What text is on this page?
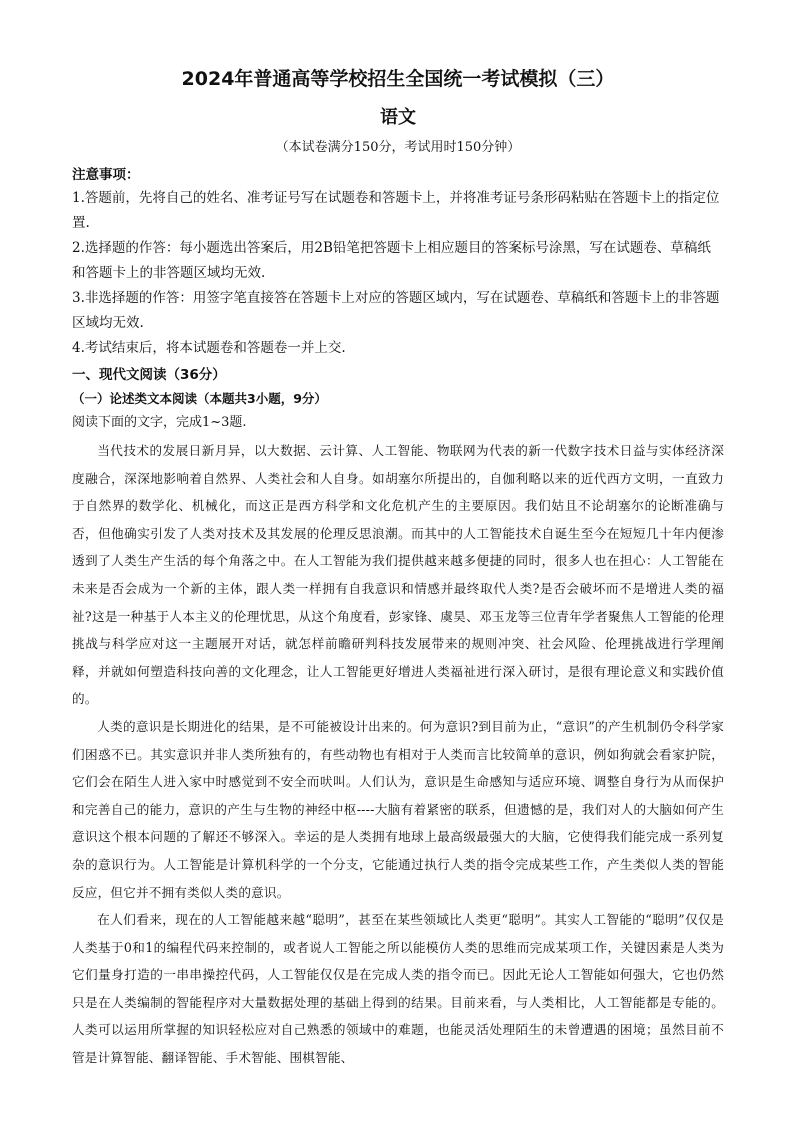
2024年普通高等学校招生全国统一考试模拟（三）
语文
（本试卷满分150分，考试用时150分钟）
注意事项：

1.答题前，先将自己的姓名、准考证号写在试题卷和答题卡上，并将准考证号条形码粘贴在答题卡上的指定位置.

2.选择题的作答：每小题选出答案后，用2B铅笔把答题卡上相应题目的答案标号涂黑，写在试题卷、草稿纸和答题卡上的非答题区域均无效.

3.非选择题的作答：用签字笔直接答在答题卡上对应的答题区域内，写在试题卷、草稿纸和答题卡上的非答题区域均无效.

4.考试结束后，将本试题卷和答题卷一并上交.

一、现代文阅读（36分）
（一）论述类文本阅读（本题共3小题，9分）
阅读下面的文字，完成1~3题.

当代技术的发展日新月异，以大数据、云计算、人工智能、物联网为代表的新一代数字技术日益与实体经济深度融合，深深地影响着自然界、人类社会和人自身。如胡塞尔所提出的，自伽利略以来的近代西方文明，一直致力于自然界的数学化、机械化，而这正是西方科学和文化危机产生的主要原因。我们姑且不论胡塞尔的论断准确与否，但他确实引发了人类对技术及其发展的伦理反思浪潮。而其中的人工智能技术自诞生至今在短短几十年内便渗透到了人类生产生活的每个角落之中。在人工智能为我们提供越来越多便捷的同时，很多人也在担心：人工智能在未来是否会成为一个新的主体，跟人类一样拥有自我意识和情感并最终取代人类?是否会破坏而不是增进人类的福祉?这是一种基于人本主义的伦理忧思，从这个角度看，彭家锋、虞昊、邓玉龙等三位青年学者聚焦人工智能的伦理挑战与科学应对这一主题展开对话，就怎样前瞻研判科技发展带来的规则冲突、社会风险、伦理挑战进行学理阐释，并就如何塑造科技向善的文化理念，让人工智能更好增进人类福祉进行深入研讨，是很有理论意义和实践价值的。

人类的意识是长期进化的结果，是不可能被设计出来的。何为意识?到目前为止，“意识”的产生机制仍令科学家们困惑不已。其实意识并非人类所独有的，有些动物也有相对于人类而言比较简单的意识，例如狗就会看家护院，它们会在陌生人进入家中时感觉到不安全而吠叫。人们认为，意识是生命感知与适应环境、调整自身行为从而保护和完善自己的能力，意识的产生与生物的神经中枢----大脑有着紧密的联系，但遗憾的是，我们对人的大脑如何产生意识这个根本问题的了解还不够深入。幸运的是人类拥有地球上最高级最强大的大脑，它使得我们能完成一系列复杂的意识行为。人工智能是计算机科学的一个分支，它能通过执行人类的指令完成某些工作，产生类似人类的智能反应，但它并不拥有类似人类的意识。

在人们看来，现在的人工智能越来越“聪明”，甚至在某些领域比人类更“聪明”。其实人工智能的“聪明”仅仅是人类基于0和1的编程代码来控制的，或者说人工智能之所以能模仿人类的思维而完成某项工作，关键因素是人类为它们量身打造的一串串操控代码，人工智能仅仅是在完成人类的指令而已。因此无论人工智能如何强大，它也仍然只是在人类编制的智能程序对大量数据处理的基础上得到的结果。目前来看，与人类相比，人工智能都是专能的。人类可以运用所掌握的知识轻松应对自己熟悉的领域中的难题，也能灵活处理陌生的未曾遭遇的困境；虽然目前不管是计算智能、翻译智能、手术智能、围棋智能、
